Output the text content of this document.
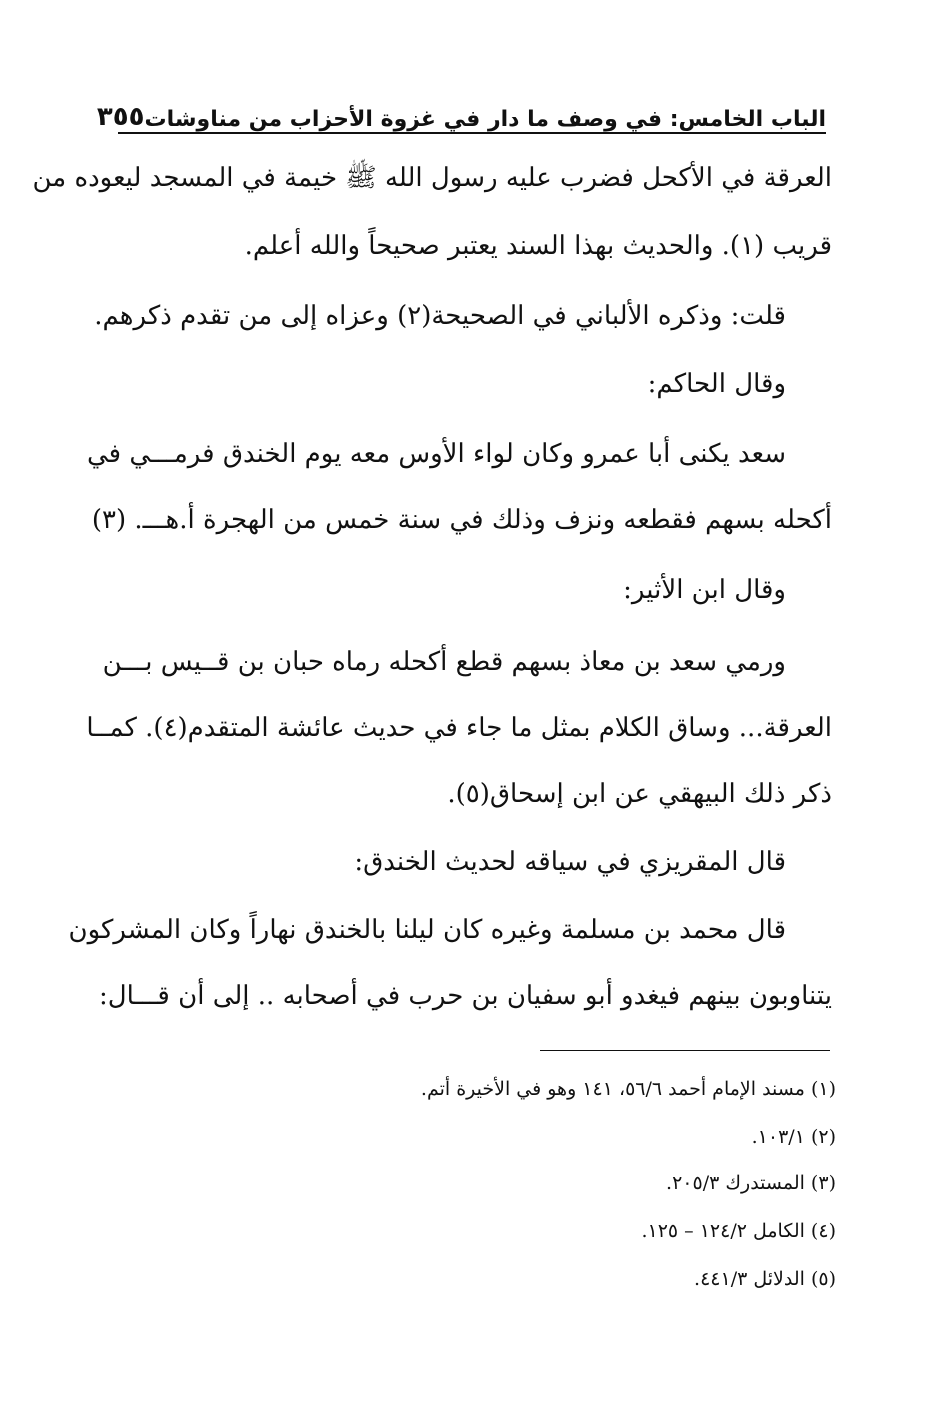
الباب الخامس: في وصف ما دار في غزوة الأحزاب من مناوشات
٣٥٥
العرقة في الأكحل فضرب عليه رسول الله ﷺ خيمة في المسجد ليعوده من
قريب (١). والحديث بهذا السند يعتبر صحيحاً والله أعلم.
قلت: وذكره الألباني في الصحيحة(٢) وعزاه إلى من تقدم ذكرهم.
وقال الحاكم:
سعد يكنى أبا عمرو وكان لواء الأوس معه يوم الخندق فرمـــي في
أكحله بسهم فقطعه ونزف وذلك في سنة خمس من الهجرة أ.هـــ. (٣)
وقال ابن الأثير:
ورمي سعد بن معاذ بسهم قطع أكحله رماه حبان بن قــيس بـــن
العرقة... وساق الكلام بمثل ما جاء في حديث عائشة المتقدم(٤). كمــا
ذكر ذلك البيهقي عن ابن إسحاق(٥).
قال المقريزي في سياقه لحديث الخندق:
قال محمد بن مسلمة وغيره كان ليلنا بالخندق نهاراً وكان المشركون
يتناوبون بينهم فيغدو أبو سفيان بن حرب في أصحابه .. إلى أن قـــال:
(١) مسند الإمام أحمد ٥٦/٦، ١٤١ وهو في الأخيرة أتم.
(٢) ١٠٣/١.
(٣) المستدرك ٢٠٥/٣.
(٤) الكامل ١٢٤/٢ – ١٢٥.
(٥) الدلائل ٤٤١/٣.
